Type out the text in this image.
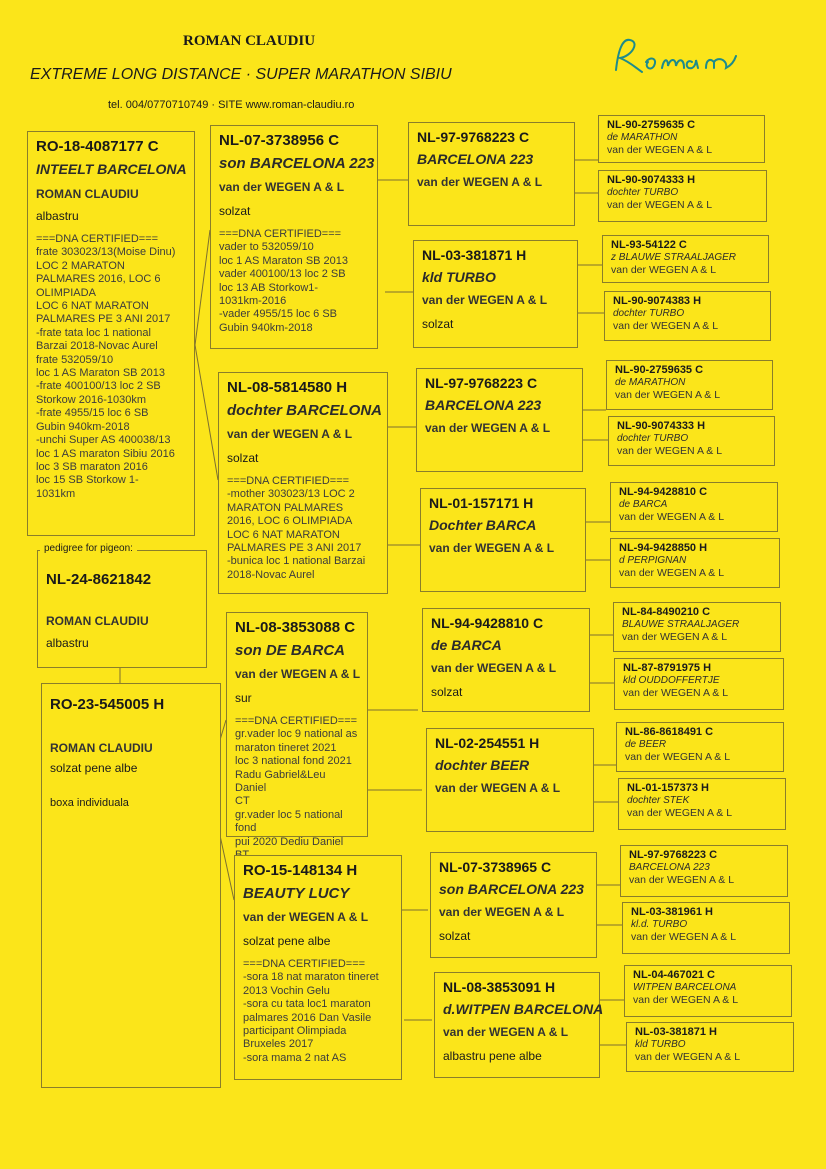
ROMAN CLAUDIU
EXTREME LONG DISTANCE · SUPER MARATHON SIBIU
tel. 004/0770710749 · SITE www.roman-claudiu.ro
RO-18-4087177 C
INTEELT BARCELONA
ROMAN CLAUDIU
albastru
===DNA CERTIFIED===
frate 303023/13(Moise Dinu)
LOC 2 MARATON
PALMARES 2016, LOC 6
OLIMPIADA
LOC 6 NAT MARATON
PALMARES PE 3 ANI 2017
-frate tata loc 1 national
Barzai 2018-Novac Aurel
frate 532059/10
loc 1 AS Maraton SB 2013
-frate 400100/13 loc 2 SB
Storkow 2016-1030km
-frate 4955/15 loc 6 SB
Gubin 940km-2018
-unchi Super AS 400038/13
loc 1 AS maraton Sibiu 2016
loc 3 SB maraton 2016
loc 15 SB Storkow 1-
1031km
NL-24-8621842
ROMAN CLAUDIU
albastru
pedigree for pigeon:
RO-23-545005 H
ROMAN CLAUDIU
solzat pene albe
boxa individuala
NL-07-3738956 C
son BARCELONA 223
van der WEGEN A & L
solzat
===DNA CERTIFIED===
vader to 532059/10
loc 1 AS Maraton SB 2013
vader 400100/13 loc 2 SB
loc 13 AB Storkow1-
1031km-2016
-vader 4955/15 loc 6 SB
Gubin 940km-2018
NL-08-5814580 H
dochter BARCELONA
van der WEGEN A & L
solzat
===DNA CERTIFIED===
-mother 303023/13 LOC 2
MARATON PALMARES
2016, LOC 6 OLIMPIADA
LOC 6 NAT MARATON
PALMARES PE 3 ANI 2017
-bunica loc 1 national Barzai
2018-Novac Aurel
NL-08-3853088 C
son DE BARCA
van der WEGEN A & L
sur
===DNA CERTIFIED===
gr.vader loc 9 national as
maraton tineret 2021
loc 3 national fond 2021
Radu Gabriel&Leu Daniel
CT
gr.vader loc 5 national fond
pui 2020 Dediu Daniel
RO-15-148134 H
BEAUTY LUCY
van der WEGEN A & L
solzat pene albe
===DNA CERTIFIED===
-sora 18 nat maraton tineret
2013 Vochin Gelu
-sora cu tata loc1 maraton
palmares 2016 Dan Vasile
participant Olimpiada
Bruxeles 2017
-sora mama 2 nat AS
NL-97-9768223 C
BARCELONA 223
van der WEGEN A & L
NL-03-381871 H
kld TURBO
van der WEGEN A & L
solzat
NL-97-9768223 C
BARCELONA 223
van der WEGEN A & L
NL-01-157171 H
Dochter BARCA
van der WEGEN A & L
NL-94-9428810 C
de BARCA
van der WEGEN A & L
solzat
NL-02-254551 H
dochter BEER
van der WEGEN A & L
NL-07-3738965 C
son BARCELONA 223
van der WEGEN A & L
solzat
NL-08-3853091 H
d.WITPEN BARCELONA
van der WEGEN A & L
albastru pene albe
NL-90-2759635 C
de MARATHON
van der WEGEN A & L
NL-90-9074333 H
dochter TURBO
van der WEGEN A & L
NL-93-54122 C
z BLAUWE STRAALJAGER
van der WEGEN A & L
NL-90-9074383 H
dochter TURBO
van der WEGEN A & L
NL-90-2759635 C
de MARATHON
van der WEGEN A & L
NL-90-9074333 H
dochter TURBO
van der WEGEN A & L
NL-94-9428810 C
de BARCA
van der WEGEN A & L
NL-94-9428850 H
d PERPIGNAN
van der WEGEN A & L
NL-84-8490210 C
BLAUWE STRAALJAGER
van der WEGEN A & L
NL-87-8791975 H
kld OUDDOFFERTJE
van der WEGEN A & L
NL-86-8618491 C
de BEER
van der WEGEN A & L
NL-01-157373 H
dochter STEK
van der WEGEN A & L
NL-97-9768223 C
BARCELONA 223
van der WEGEN A & L
NL-03-381961 H
kl.d. TURBO
van der WEGEN A & L
NL-04-467021 C
WITPEN BARCELONA
van der WEGEN A & L
NL-03-381871 H
kld TURBO
van der WEGEN A & L
